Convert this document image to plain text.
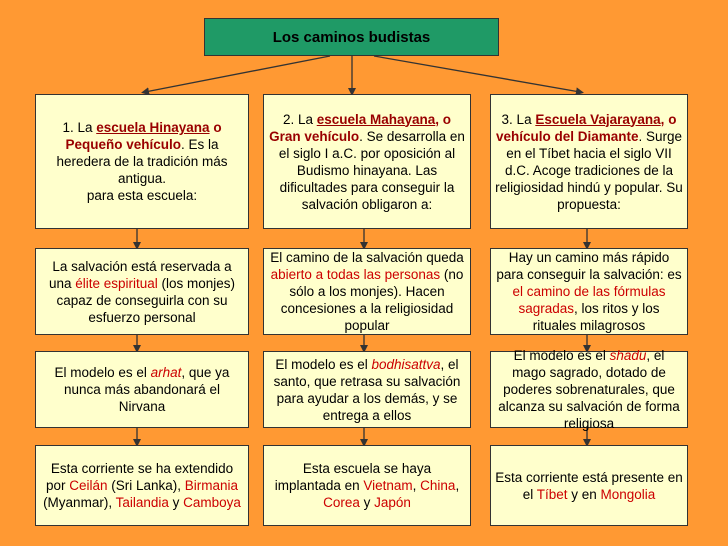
Los caminos budistas
1. La escuela Hinayana o Pequeño vehículo. Es la heredera de la tradición más antigua.
para esta escuela:
La salvación está reservada a una élite espiritual (los monjes) capaz de conseguirla con su esfuerzo personal
El modelo es el arhat, que ya nunca más abandonará el Nirvana
Esta corriente se ha extendido por Ceilán (Sri Lanka), Birmania (Myanmar), Tailandia y Camboya
2. La escuela Mahayana, o Gran vehículo. Se desarrolla en el siglo I a.C. por oposición al Budismo hinayana. Las dificultades para conseguir la salvación obligaron a:
El camino de la salvación queda abierto a todas las personas (no sólo a los monjes). Hacen concesiones a la religiosidad popular
El modelo es el bodhisattva, el santo, que retrasa su salvación para ayudar a los demás, y se entrega a ellos
Esta escuela se haya implantada en Vietnam, China, Corea y Japón
3. La Escuela Vajarayana, o vehículo del Diamante. Surge en el Tíbet hacia el siglo VII d.C. Acoge tradiciones de la religiosidad hindú y popular. Su propuesta:
Hay un camino más rápido para conseguir la salvación: es el camino de las fórmulas sagradas, los ritos y los rituales milagrosos
El modelo es el shadu, el mago sagrado, dotado de poderes sobrenaturales, que alcanza su salvación de forma religiosa
Esta corriente está presente en el Tíbet y en Mongolia
